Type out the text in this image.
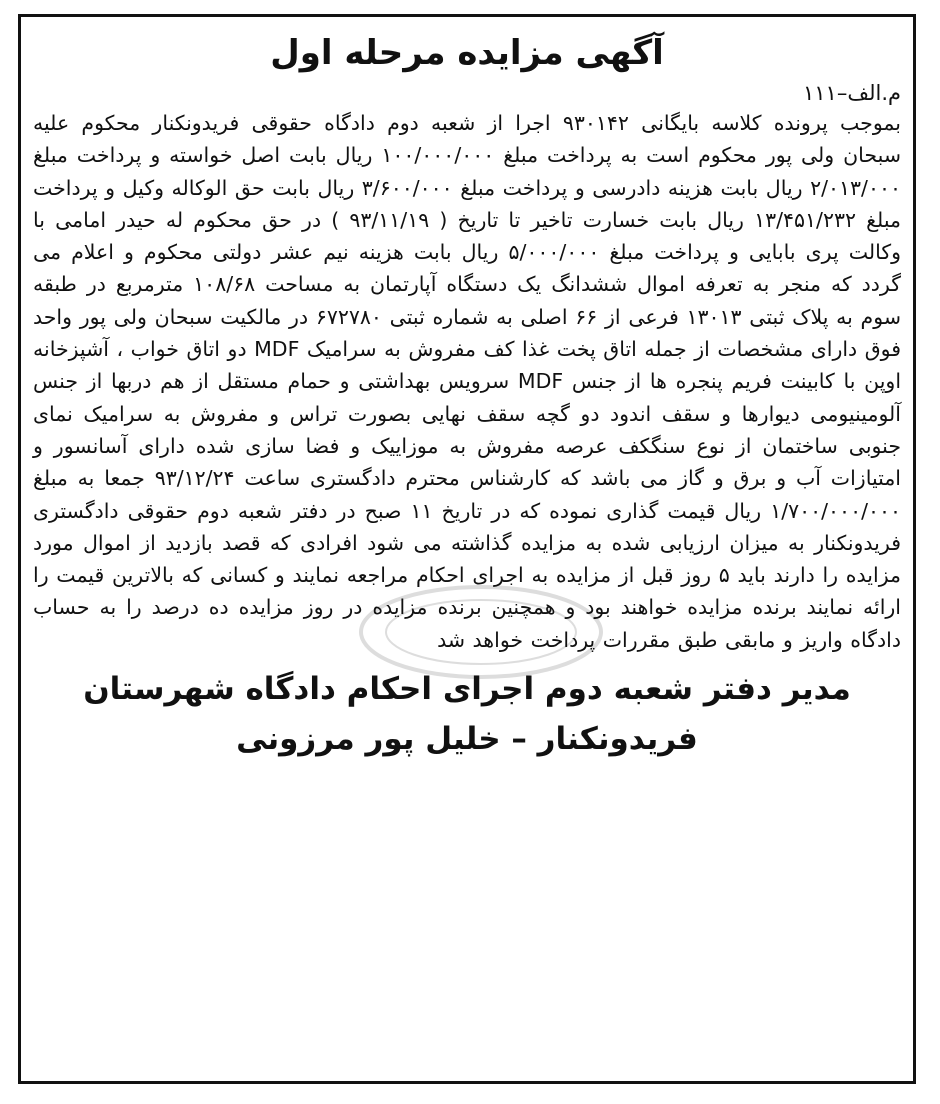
آگهی مزایده مرحله اول
م.الف–۱۱۱
بموجب پرونده کلاسه بایگانی ۹۳۰۱۴۲ اجرا از شعبه دوم دادگاه حقوقی فریدونکنار محکوم علیه سبحان ولی پور محکوم است به پرداخت مبلغ ۱۰۰/۰۰۰/۰۰۰ ریال بابت اصل خواسته و پرداخت مبلغ ۲/۰۱۳/۰۰۰ ریال بابت هزینه دادرسی و پرداخت مبلغ ۳/۶۰۰/۰۰۰ ریال بابت حق الوکاله وکیل و پرداخت مبلغ ۱۳/۴۵۱/۲۳۲ ریال بابت خسارت تاخیر تا تاریخ ( ۹۳/۱۱/۱۹ ) در حق محکوم له حیدر امامی با وکالت پری بابایی و پرداخت مبلغ ۵/۰۰۰/۰۰۰ ریال بابت هزینه نیم عشر دولتی محکوم و اعلام می گردد که منجر به تعرفه اموال ششدانگ یک دستگاه آپارتمان به مساحت ۱۰۸/۶۸ مترمربع در طبقه سوم به پلاک ثبتی ۱۳۰۱۳ فرعی از ۶۶ اصلی به شماره ثبتی ۶۷۲۷۸۰ در مالکیت سبحان ولی پور واحد فوق دارای مشخصات از جمله اتاق پخت غذا کف مفروش به سرامیک MDF دو اتاق خواب ، آشپزخانه اوپن با کابینت فریم پنجره ها از جنس MDF سرویس بهداشتی و حمام مستقل از هم دربها از جنس آلومینیومی دیوارها و سقف اندود دو گچه سقف نهایی بصورت تراس و مفروش به سرامیک نمای جنوبی ساختمان از نوع سنگکف عرصه مفروش به موزاییک و فضا سازی شده دارای آسانسور و امتیازات آب و برق و گاز می باشد که کارشناس محترم دادگستری ساعت ۹۳/۱۲/۲۴ جمعا به مبلغ ۱/۷۰۰/۰۰۰/۰۰۰ ریال قیمت گذاری نموده که در تاریخ ۱۱ صبح در دفتر شعبه دوم حقوقی دادگستری فریدونکنار به میزان ارزیابی شده به مزایده گذاشته می شود افرادی که قصد بازدید از اموال مورد مزایده را دارند باید ۵ روز قبل از مزایده به اجرای احکام مراجعه نمایند و کسانی که بالاترین قیمت را ارائه نمایند برنده مزایده خواهند بود و همچنین برنده مزایده در روز مزایده ده درصد را به حساب دادگاه واریز و مابقی طبق مقررات پرداخت خواهد شد
مدیر دفتر شعبه دوم اجرای احکام دادگاه شهرستان
فریدونکنار – خلیل پور مرزونی
